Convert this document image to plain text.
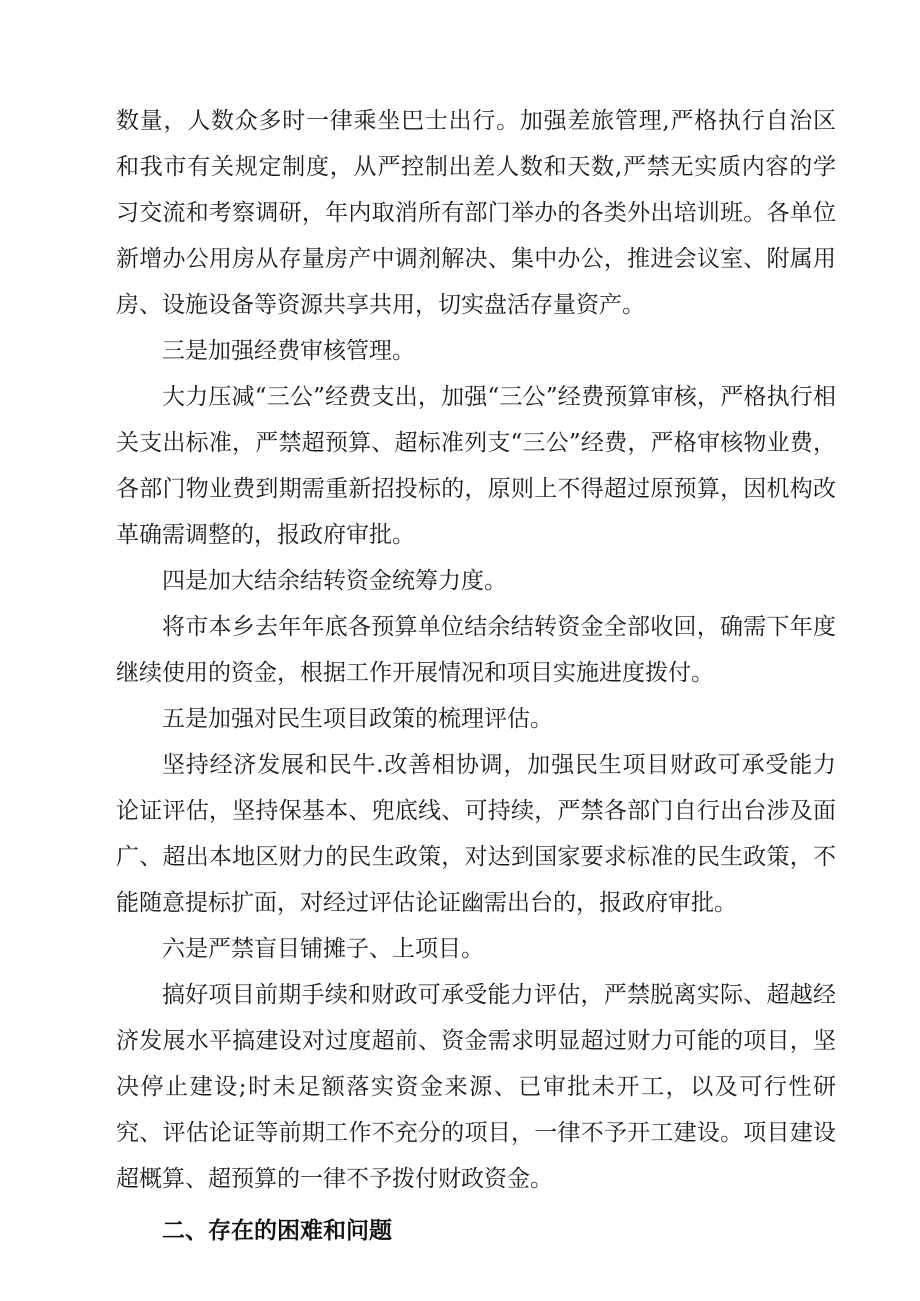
数量，人数众多时一律乘坐巴士出行。加强差旅管理,严格执行自治区和我市有关规定制度，从严控制出差人数和天数,严禁无实质内容的学习交流和考察调研，年内取消所有部门举办的各类外出培训班。各单位新增办公用房从存量房产中调剂解决、集中办公，推进会议室、附属用房、设施设备等资源共享共用，切实盘活存量资产。

三是加强经费审核管理。

大力压减“三公”经费支出，加强“三公”经费预算审核，严格执行相关支出标准，严禁超预算、超标准列支“三公”经费，严格审核物业费，各部门物业费到期需重新招投标的，原则上不得超过原预算，因机构改革确需调整的，报政府审批。

四是加大结余结转资金统筹力度。

将市本乡去年年底各预算单位结余结转资金全部收回，确需下年度继续使用的资金，根据工作开展情况和项目实施进度拨付。

五是加强对民生项目政策的梳理评估。

坚持经济发展和民牛.改善相协调，加强民生项目财政可承受能力论证评估，坚持保基本、兜底线、可持续，严禁各部门自行出台涉及面广、超出本地区财力的民生政策，对达到国家要求标准的民生政策，不能随意提标扩面，对经过评估论证幽需出台的，报政府审批。

六是严禁盲目铺摊子、上项目。

搞好项目前期手续和财政可承受能力评估，严禁脱离实际、超越经济发展水平搞建设对过度超前、资金需求明显超过财力可能的项目，坚决停止建设;时未足额落实资金来源、已审批未开工，以及可行性研究、评估论证等前期工作不充分的项目，一律不予开工建设。项目建设超概算、超预算的一律不予拨付财政资金。

二、存在的困难和问题
